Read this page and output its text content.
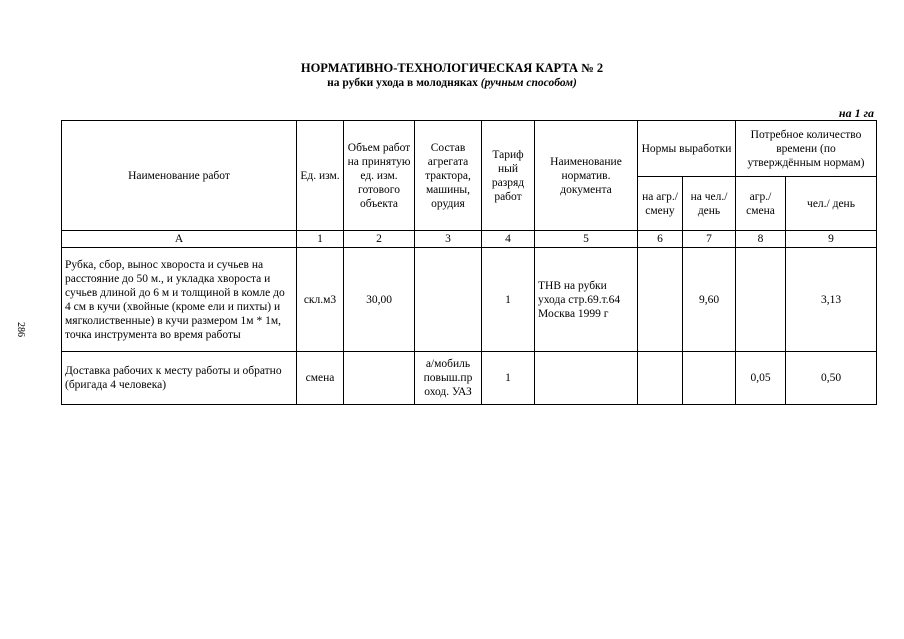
НОРМАТИВНО-ТЕХНОЛОГИЧЕСКАЯ КАРТА № 2
на рубки ухода в молодняках (ручным способом)
на 1 га
286
Наименование работ	Ед. изм.	Объем работ на принятую ед. изм. готового объекта	Состав агрегата трактора, машины, орудия	Тариф ный разряд работ	Наименование норматив. документа	Нормы выработки		Потребное количество времени (по утверждённым нормам)	
						на агр./ смену	на чел./ день	агр./ смена	чел./ день
А	1	2	3	4	5	6	7	8	9
Рубка, сбор, вынос хвороста и сучьев на расстояние до 50 м., и укладка хвороста и сучьев длиной до 6 м и толщиной в комле до 4 см в кучи (хвойные (кроме ели и пихты) и мягколиственные) в кучи размером 1м * 1м, точка инструмента во время работы	скл.м3	30,00		1	ТНВ на рубки ухода стр.69.т.64 Москва 1999 г		9,60		3,13
Доставка рабочих к месту работы и обратно (бригада 4 человека)	смена		а/мобиль повыш.пр оход. УАЗ	1				0,05	0,50
